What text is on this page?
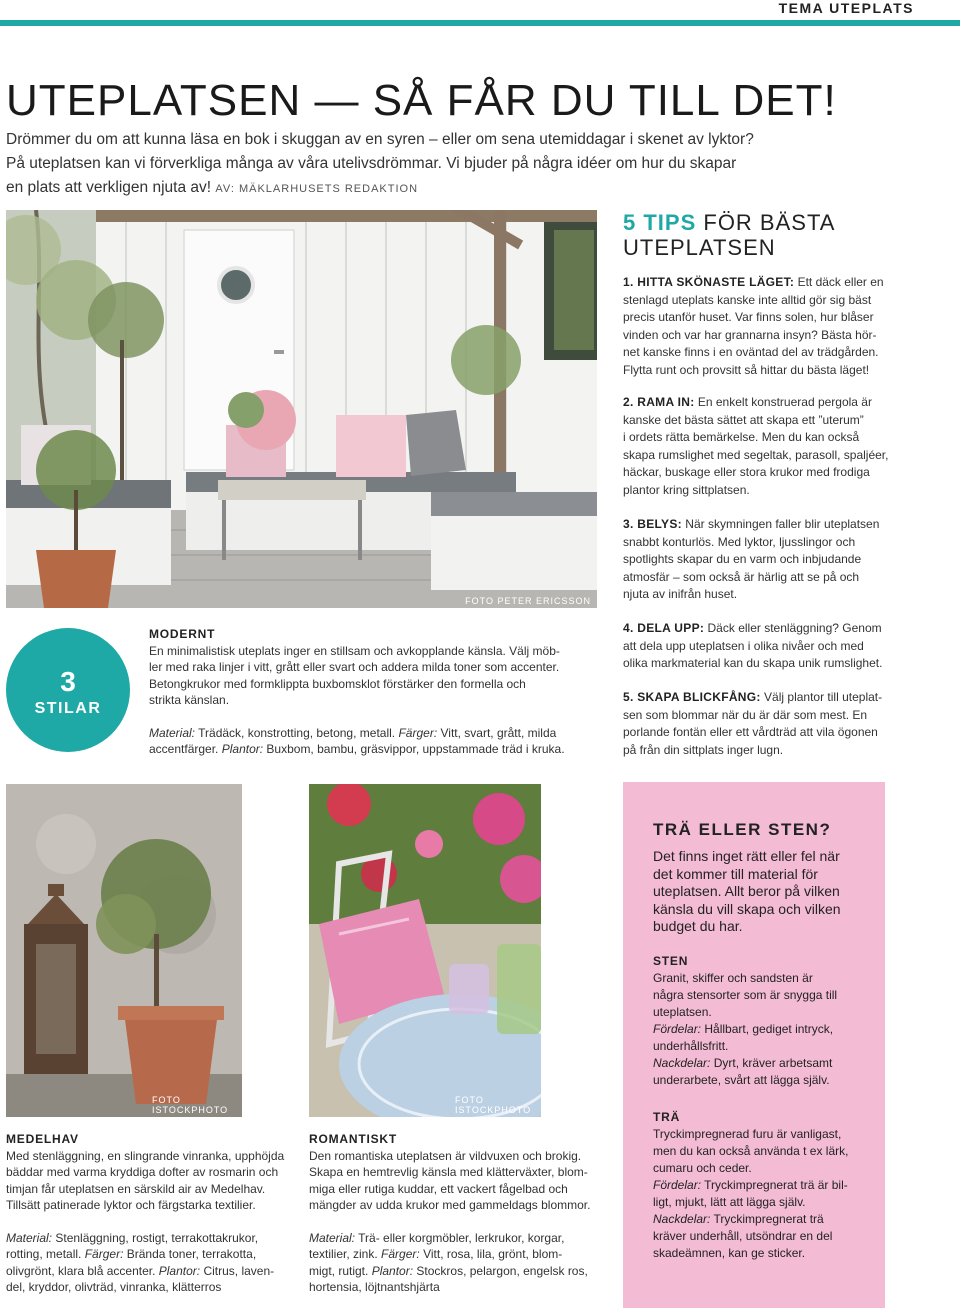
TEMA UTEPLATS
UTEPLATSEN — SÅ FÅR DU TILL DET!
Drömmer du om att kunna läsa en bok i skuggan av en syren – eller om sena utemiddagar i skenet av lyktor?
På uteplatsen kan vi förverkliga många av våra utelivsdrömmar. Vi bjuder på några idéer om hur du skapar
en plats att verkligen njuta av! AV: MÄKLARHUSETS REDAKTION
FOTO PETER ERICSSON
5 TIPS FÖR BÄSTA
UTEPLATSEN
1. HITTA SKÖNASTE LÄGET: Ett däck eller en
stenlagd uteplats kanske inte alltid gör sig bäst
precis utanför huset. Var finns solen, hur blåser
vinden och var har grannarna insyn? Bästa hör-
net kanske finns i en oväntad del av trädgården.
Flytta runt och provsitt så hittar du bästa läget!
2. RAMA IN: En enkelt konstruerad pergola är
kanske det bästa sättet att skapa ett ”uterum”
i ordets rätta bemärkelse. Men du kan också
skapa rumslighet med segeltak, parasoll, spaljéer,
häckar, buskage eller stora krukor med frodiga
plantor kring sittplatsen.
3. BELYS: När skymningen faller blir uteplatsen
snabbt konturlös. Med lyktor, ljusslingor och
spotlights skapar du en varm och inbjudande
atmosfär – som också är härlig att se på och
njuta av inifrån huset.
4. DELA UPP: Däck eller stenläggning? Genom
att dela upp uteplatsen i olika nivåer och med
olika markmaterial kan du skapa unik rumslighet.
5. SKAPA BLICKFÅNG: Välj plantor till uteplat-
sen som blommar när du är där som mest. En
porlande fontän eller ett vårdträd att vila ögonen
på från din sittplats inger lugn.
3
STILAR
MODERNT
En minimalistisk uteplats inger en stillsam och avkopplande känsla. Välj möb-
ler med raka linjer i vitt, grått eller svart och addera milda toner som accenter.
Betongkrukor med formklippta buxbomsklot förstärker den formella och
strikta känslan.
Material: Trädäck, konstrotting, betong, metall. Färger: Vitt, svart, grått, milda
accentfärger. Plantor: Buxbom, bambu, gräsvippor, uppstammade träd i kruka.
FOTO ISTOCKPHOTO
FOTO ISTOCKPHOTO
MEDELHAV
Med stenläggning, en slingrande vinranka, upphöjda
bäddar med varma kryddiga dofter av rosmarin och
timjan får uteplatsen en särskild air av Medelhav.
Tillsätt patinerade lyktor och färgstarka textilier.
Material: Stenläggning, rostigt, terrakottakrukor,
rotting, metall. Färger: Brända toner, terrakotta,
olivgrönt, klara blå accenter. Plantor: Citrus, laven-
del, kryddor, olivträd, vinranka, klätterros
ROMANTISKT
Den romantiska uteplatsen är vildvuxen och brokig.
Skapa en hemtrevlig känsla med klätterväxter, blom-
miga eller rutiga kuddar, ett vackert fågelbad och
mängder av udda krukor med gammeldags blommor.
Material: Trä- eller korgmöbler, lerkrukor, korgar,
textilier, zink. Färger: Vitt, rosa, lila, grönt, blom-
migt, rutigt. Plantor: Stockros, pelargon, engelsk ros,
hortensia, löjtnantshjärta
TRÄ ELLER STEN?
Det finns inget rätt eller fel när
det kommer till material för
uteplatsen. Allt beror på vilken
känsla du vill skapa och vilken
budget du har.
STEN
Granit, skiffer och sandsten är
några stensorter som är snygga till
uteplatsen.
Fördelar: Hållbart, gediget intryck,
underhållsfritt.
Nackdelar: Dyrt, kräver arbetsamt
underarbete, svårt att lägga själv.
TRÄ
Tryckimpregnerad furu är vanligast,
men du kan också använda t ex lärk,
cumaru och ceder.
Fördelar: Tryckimpregnerat trä är bil-
ligt, mjukt, lätt att lägga själv.
Nackdelar: Tryckimpregnerat trä
kräver underhåll, utsöndrar en del
skadeämnen, kan ge sticker.
